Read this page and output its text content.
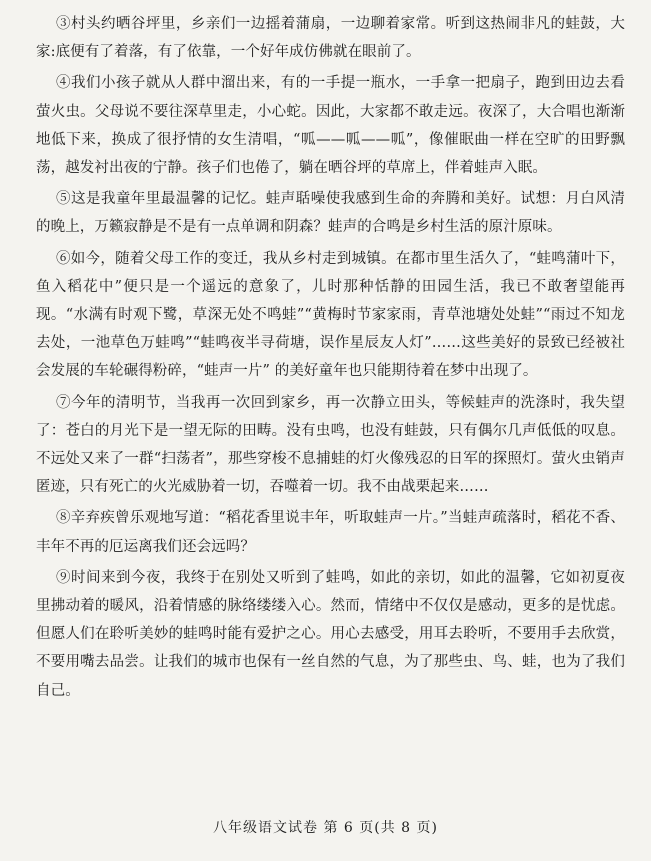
③村头约晒谷坪里，乡亲们一边摇着蒲扇，一边聊着家常。听到这热闹非凡的蛙鼓，大家:底便有了着落，有了依靠，一个好年成仿佛就在眼前了。

④我们小孩子就从人群中溜出来，有的一手提一瓶水，一手拿一把扇子，跑到田边去看萤火虫。父母说不要往深草里走，小心蛇。因此，大家都不敢走远。夜深了，大合唱也渐渐地低下来，换成了很抒情的女生清唱，“呱——呱——呱”，像催眠曲一样在空旷的田野飘荡，越发衬出夜的宁静。孩子们也倦了，躺在晒谷坪的草席上，伴着蛙声入眠。

⑤这是我童年里最温馨的记忆。蛙声聒噪使我感到生命的奔腾和美好。试想：月白风清的晚上，万籁寂静是不是有一点单调和阴森？蛙声的合鸣是乡村生活的原汁原味。

⑥如今，随着父母工作的变迁，我从乡村走到城镇。在都市里生活久了，“蛙鸣蒲叶下，鱼入稻花中”便只是一个遥远的意象了，儿时那种恬静的田园生活，我已不敢奢望能再现。“水满有时观下鹭，草深无处不鸣蛙”“黄梅时节家家雨，青草池塘处处蛙”“雨过不知龙去处，一池草色万蛙鸣”“蛙鸣夜半寻荷塘，误作星辰友人灯”……这些美好的景致已经被社会发展的车轮碾得粉碎，“蛙声一片” 的美好童年也只能期待着在梦中出现了。

⑦今年的清明节，当我再一次回到家乡，再一次静立田头，等候蛙声的洗涤时，我失望了：苍白的月光下是一望无际的田畴。没有虫鸣，也没有蛙鼓，只有偶尔几声低低的叹息。不远处又来了一群“扫荡者”，那些穿梭不息捕蛙的灯火像残忍的日军的探照灯。萤火虫销声匿迹，只有死亡的火光威胁着一切，吞噬着一切。我不由战栗起来……

⑧辛弃疾曾乐观地写道：“稻花香里说丰年，听取蛙声一片。”当蛙声疏落时，稻花不香、丰年不再的厄运离我们还会远吗？

⑨时间来到今夜，我终于在别处又听到了蛙鸣，如此的亲切，如此的温馨，它如初夏夜里拂动着的暖风，沿着情感的脉络缕缕入心。然而，情绪中不仅仅是感动，更多的是忧虑。但愿人们在聆听美妙的蛙鸣时能有爱护之心。用心去感受，用耳去聆听，不要用手去欣赏，不要用嘴去品尝。让我们的城市也保有一丝自然的气息，为了那些虫、鸟、蛙，也为了我们自己。

八年级语文试卷 第 6 页(共 8 页)
